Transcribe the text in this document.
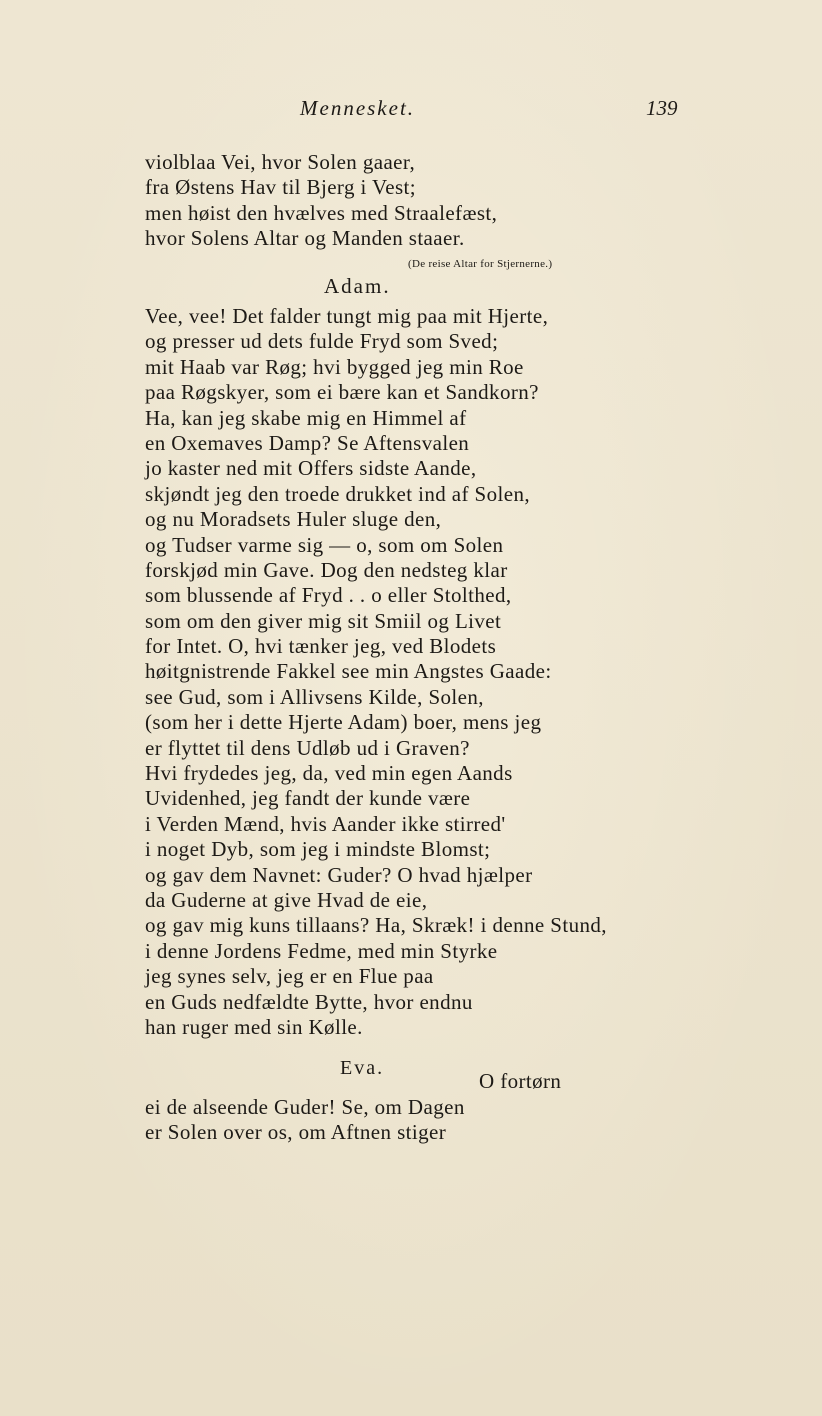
Mennesket.	139
violblaa Vei, hvor Solen gaaer,
fra Østens Hav til Bjerg i Vest;
men høist den hvælves med Straalefæst,
hvor Solens Altar og Manden staaer.
(De reise Altar for Stjernerne.)
Adam.
Vee, vee! Det falder tungt mig paa mit Hjerte,
og presser ud dets fulde Fryd som Sved;
mit Haab var Røg; hvi bygged jeg min Roe
paa Røgskyer, som ei bære kan et Sandkorn?
Ha, kan jeg skabe mig en Himmel af
en Oxemaves Damp? Se Aftensvalen
jo kaster ned mit Offers sidste Aande,
skjøndt jeg den troede drukket ind af Solen,
og nu Moradsets Huler sluge den,
og Tudser varme sig — o, som om Solen
forskjød min Gave. Dog den nedsteg klar
som blussende af Fryd . . o eller Stolthed,
som om den giver mig sit Smiil og Livet
for Intet. O, hvi tænker jeg, ved Blodets
høitgnistrende Fakkel see min Angstes Gaade:
see Gud, som i Allivsens Kilde, Solen,
(som her i dette Hjerte Adam) boer, mens jeg
er flyttet til dens Udløb ud i Graven?
Hvi frydedes jeg, da, ved min egen Aands
Uvidenhed, jeg fandt der kunde være
i Verden Mænd, hvis Aander ikke stirred'
i noget Dyb, som jeg i mindste Blomst;
og gav dem Navnet: Guder? O hvad hjælper
da Guderne at give Hvad de eie,
og gav mig kuns tillaans? Ha, Skræk! i denne Stund,
i denne Jordens Fedme, med min Styrke
jeg synes selv, jeg er en Flue paa
en Guds nedfældte Bytte, hvor endnu
han ruger med sin Kølle.
Eva.
O fortørn
ei de alseende Guder! Se, om Dagen
er Solen over os, om Aftnen stiger
